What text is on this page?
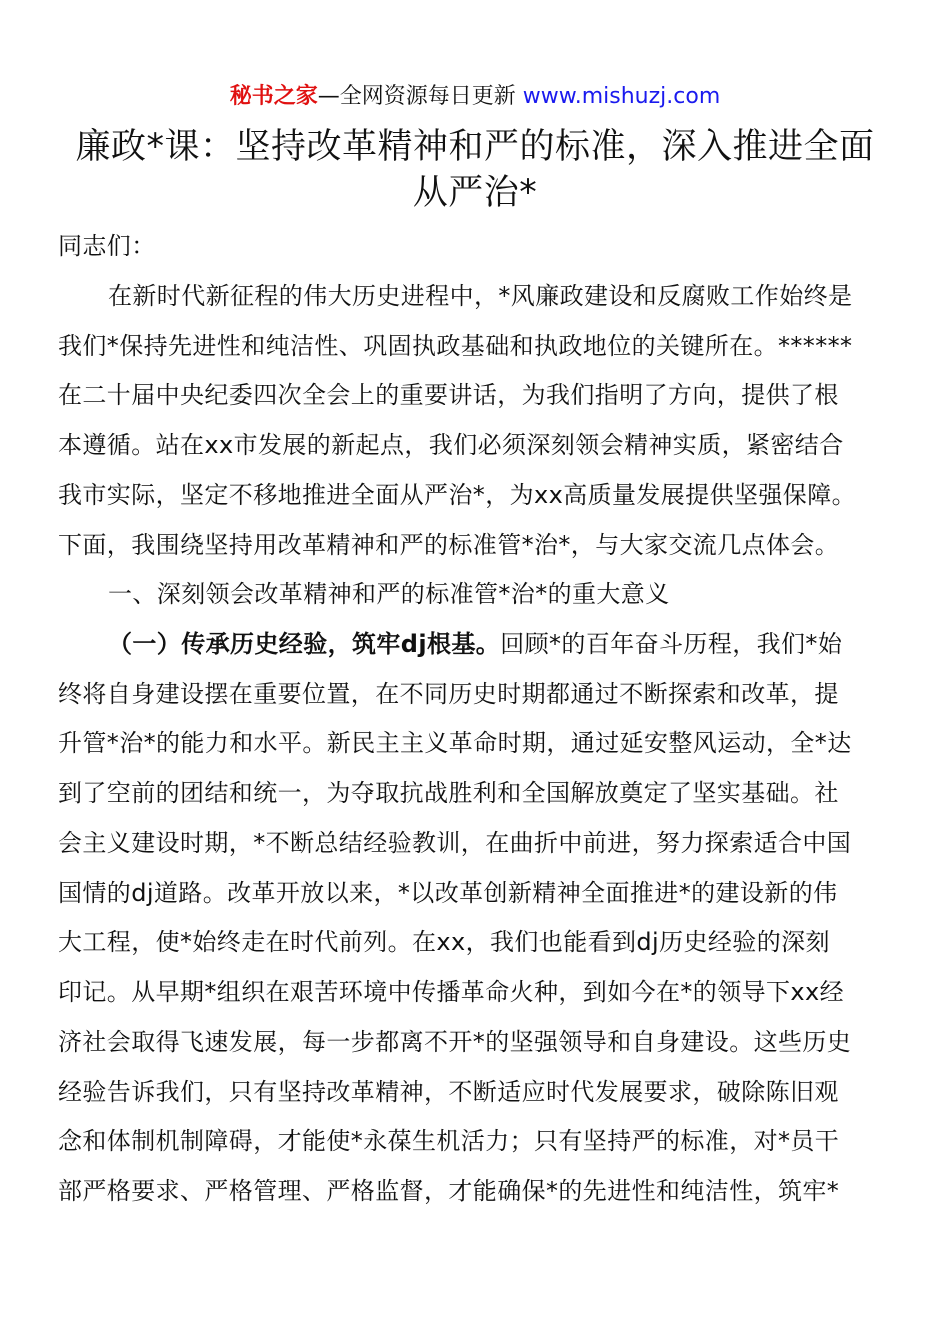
秘书之家—全网资源每日更新 www.mishuzj.com
廉政*课：坚持改革精神和严的标准，深入推进全面
从严治*
同志们：
在新时代新征程的伟大历史进程中，*风廉政建设和反腐败工作始终是
我们*保持先进性和纯洁性、巩固执政基础和执政地位的关键所在。******
在二十届中央纪委四次全会上的重要讲话，为我们指明了方向，提供了根
本遵循。站在xx市发展的新起点，我们必须深刻领会精神实质，紧密结合
我市实际，坚定不移地推进全面从严治*，为xx高质量发展提供坚强保障。
下面，我围绕坚持用改革精神和严的标准管*治*，与大家交流几点体会。
一、深刻领会改革精神和严的标准管*治*的重大意义
（一）传承历史经验，筑牢dj根基。回顾*的百年奋斗历程，我们*始
终将自身建设摆在重要位置，在不同历史时期都通过不断探索和改革，提
升管*治*的能力和水平。新民主主义革命时期，通过延安整风运动，全*达
到了空前的团结和统一，为夺取抗战胜利和全国解放奠定了坚实基础。社
会主义建设时期，*不断总结经验教训，在曲折中前进，努力探索适合中国
国情的dj道路。改革开放以来，*以改革创新精神全面推进*的建设新的伟
大工程，使*始终走在时代前列。在xx，我们也能看到dj历史经验的深刻
印记。从早期*组织在艰苦环境中传播革命火种，到如今在*的领导下xx经
济社会取得飞速发展，每一步都离不开*的坚强领导和自身建设。这些历史
经验告诉我们，只有坚持改革精神，不断适应时代发展要求，破除陈旧观
念和体制机制障碍，才能使*永葆生机活力；只有坚持严的标准，对*员干
部严格要求、严格管理、严格监督，才能确保*的先进性和纯洁性，筑牢*
